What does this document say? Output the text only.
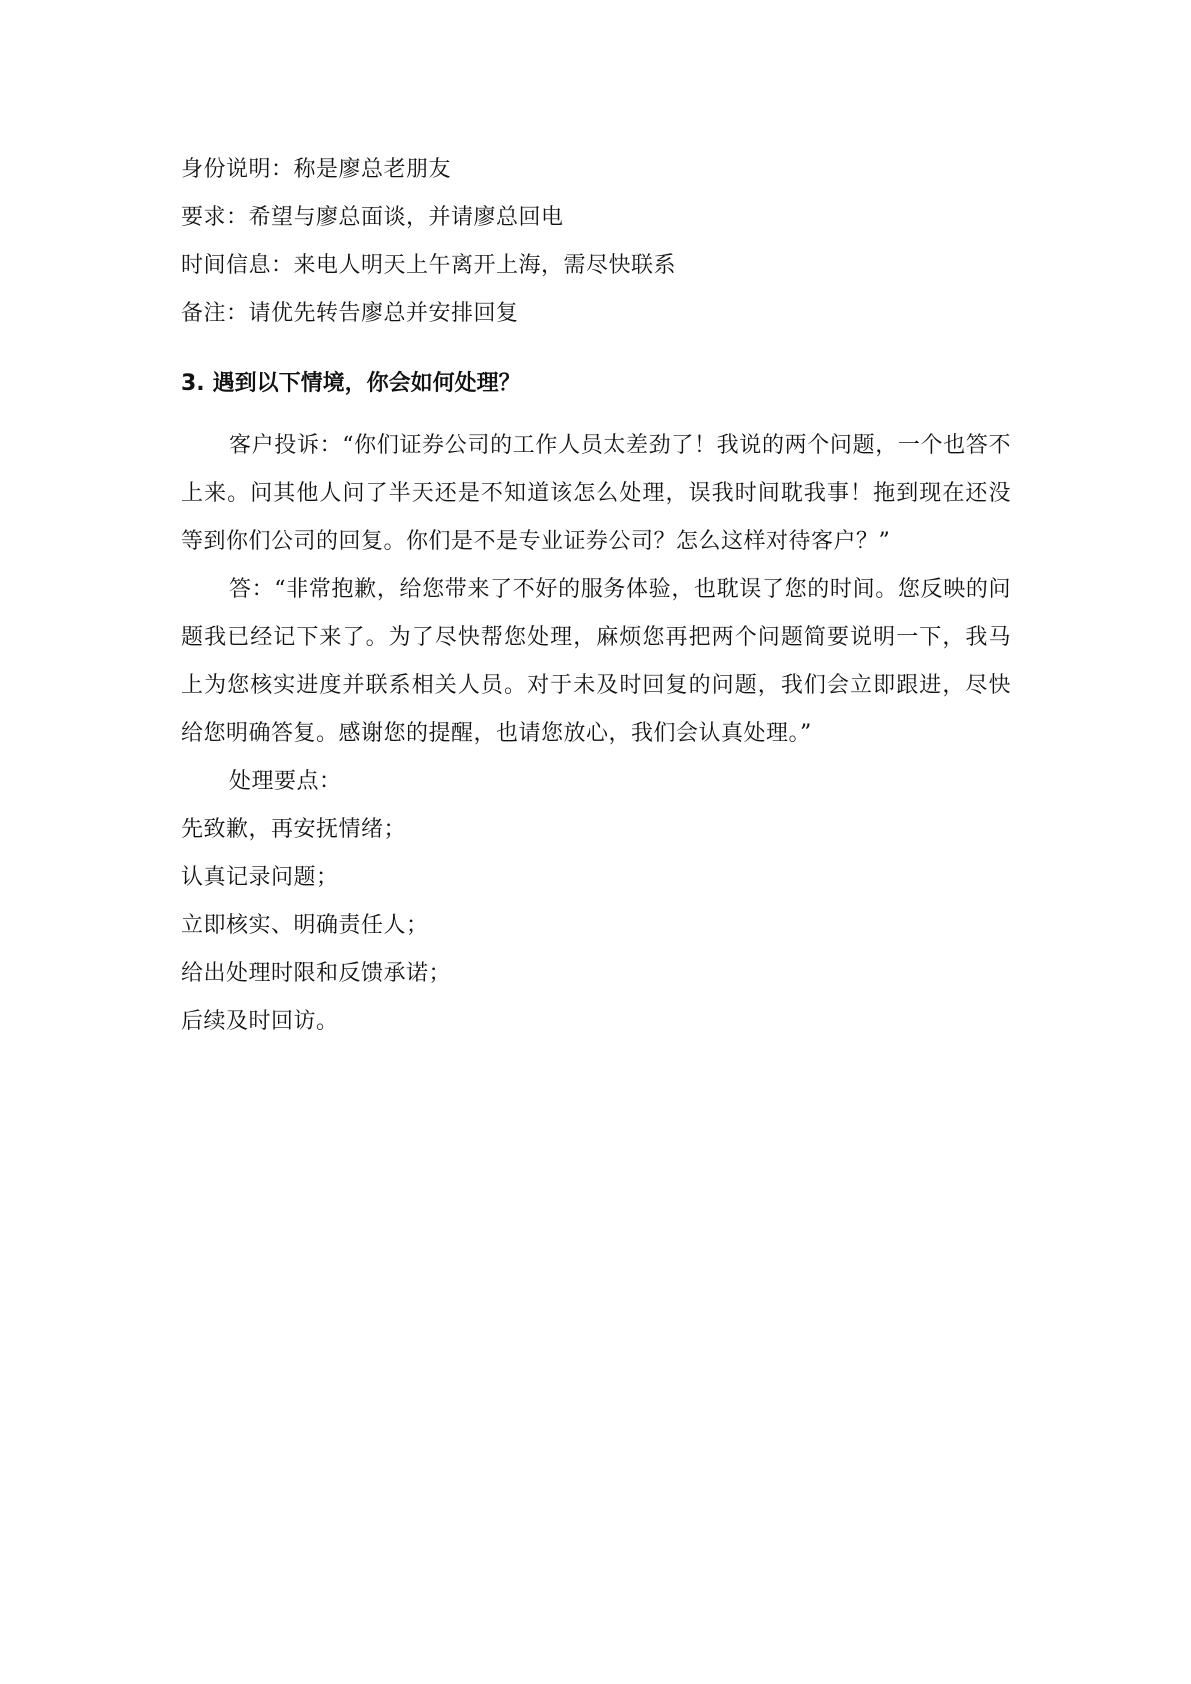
身份说明：称是廖总老朋友

要求：希望与廖总面谈，并请廖总回电

时间信息：来电人明天上午离开上海，需尽快联系

备注：请优先转告廖总并安排回复

3. 遇到以下情境，你会如何处理？

客户投诉：“你们证券公司的工作人员太差劲了！我说的两个问题，一个也答不上来。问其他人问了半天还是不知道该怎么处理，误我时间耽我事！拖到现在还没等到你们公司的回复。你们是不是专业证券公司？怎么这样对待客户？”

答：“非常抱歉，给您带来了不好的服务体验，也耽误了您的时间。您反映的问题我已经记下来了。为了尽快帮您处理，麻烦您再把两个问题简要说明一下，我马上为您核实进度并联系相关人员。对于未及时回复的问题，我们会立即跟进，尽快给您明确答复。感谢您的提醒，也请您放心，我们会认真处理。”

处理要点：

先致歉，再安抚情绪；

认真记录问题；

立即核实、明确责任人；

给出处理时限和反馈承诺；

后续及时回访。
